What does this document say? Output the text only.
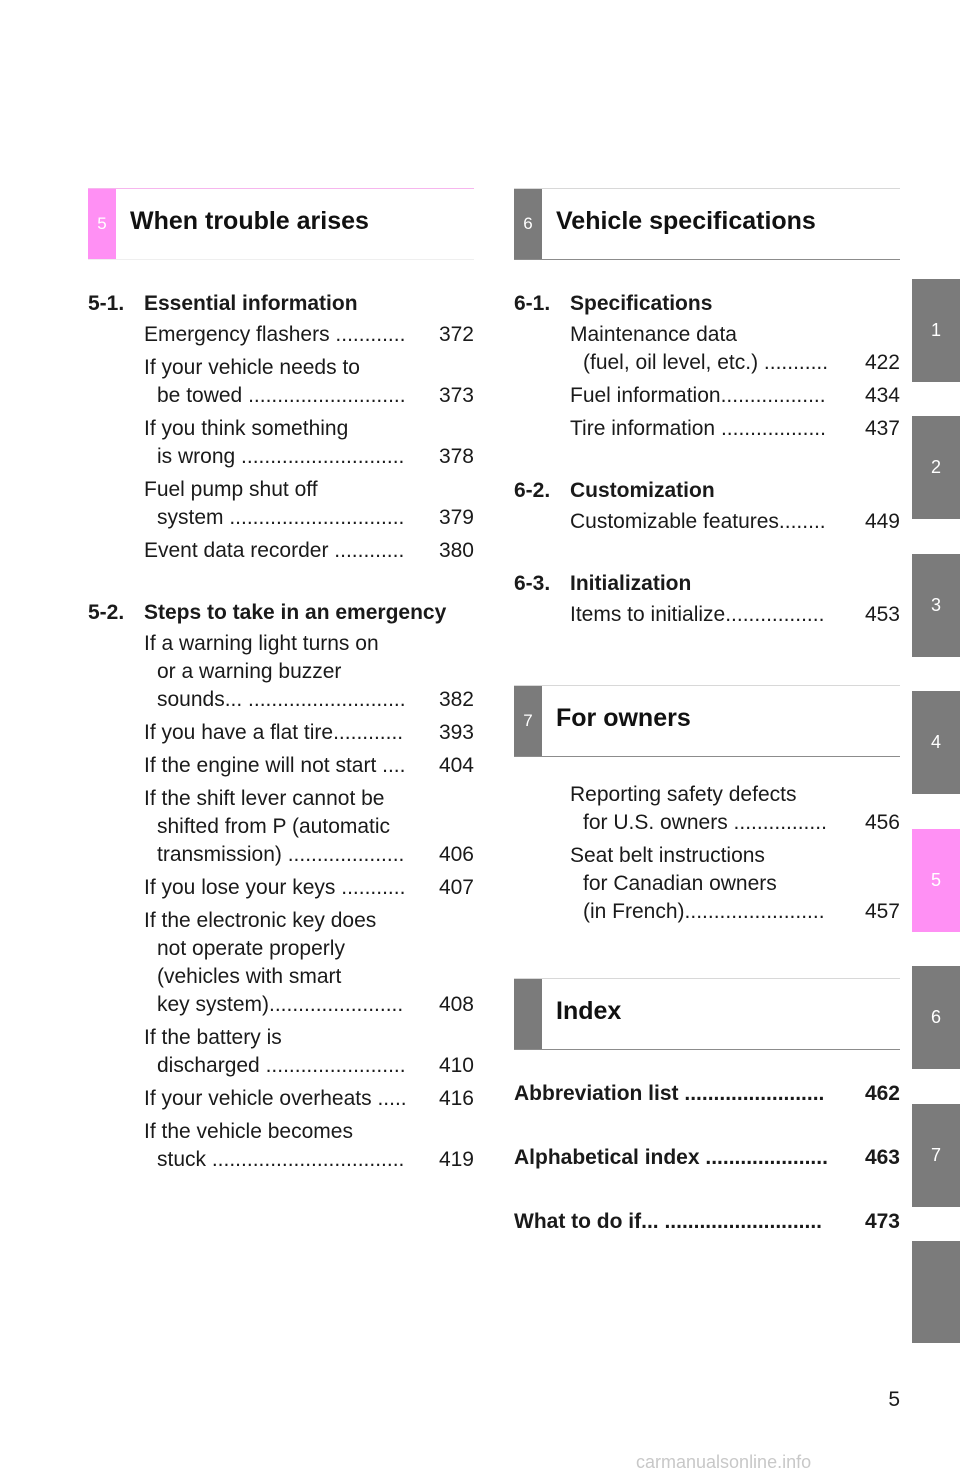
5 When trouble arises
5-1. Essential information
Emergency flashers ............	372
If your vehicle needs to
be towed ...........................	373
If you think something
is wrong ............................	378
Fuel pump shut off
system ..............................	379
Event data recorder ............	380
5-2. Steps to take in an emergency
If a warning light turns on
or a warning buzzer
sounds... ...........................	382
If you have a flat tire............	393
If the engine will not start ....	404
If the shift lever cannot be
shifted from P (automatic
transmission) ....................	406
If you lose your keys ...........	407
If the electronic key does
not operate properly
(vehicles with smart
key system).......................	408
If the battery is
discharged ........................	410
If your vehicle overheats .....	416
If the vehicle becomes
stuck .................................	419
6 Vehicle specifications
6-1. Specifications
Maintenance data
(fuel, oil level, etc.) ...........	422
Fuel information..................	434
Tire information ..................	437
6-2. Customization
Customizable features........	449
6-3. Initialization
Items to initialize.................	453
7 For owners
Reporting safety defects
for U.S. owners ................	456
Seat belt instructions
for Canadian owners
(in French)........................	457
Index
Abbreviation list ........................	462
Alphabetical index .....................	463
What to do if... ...........................	473
1
2
3
4
5
6
7
5
carmanualsonline.info
